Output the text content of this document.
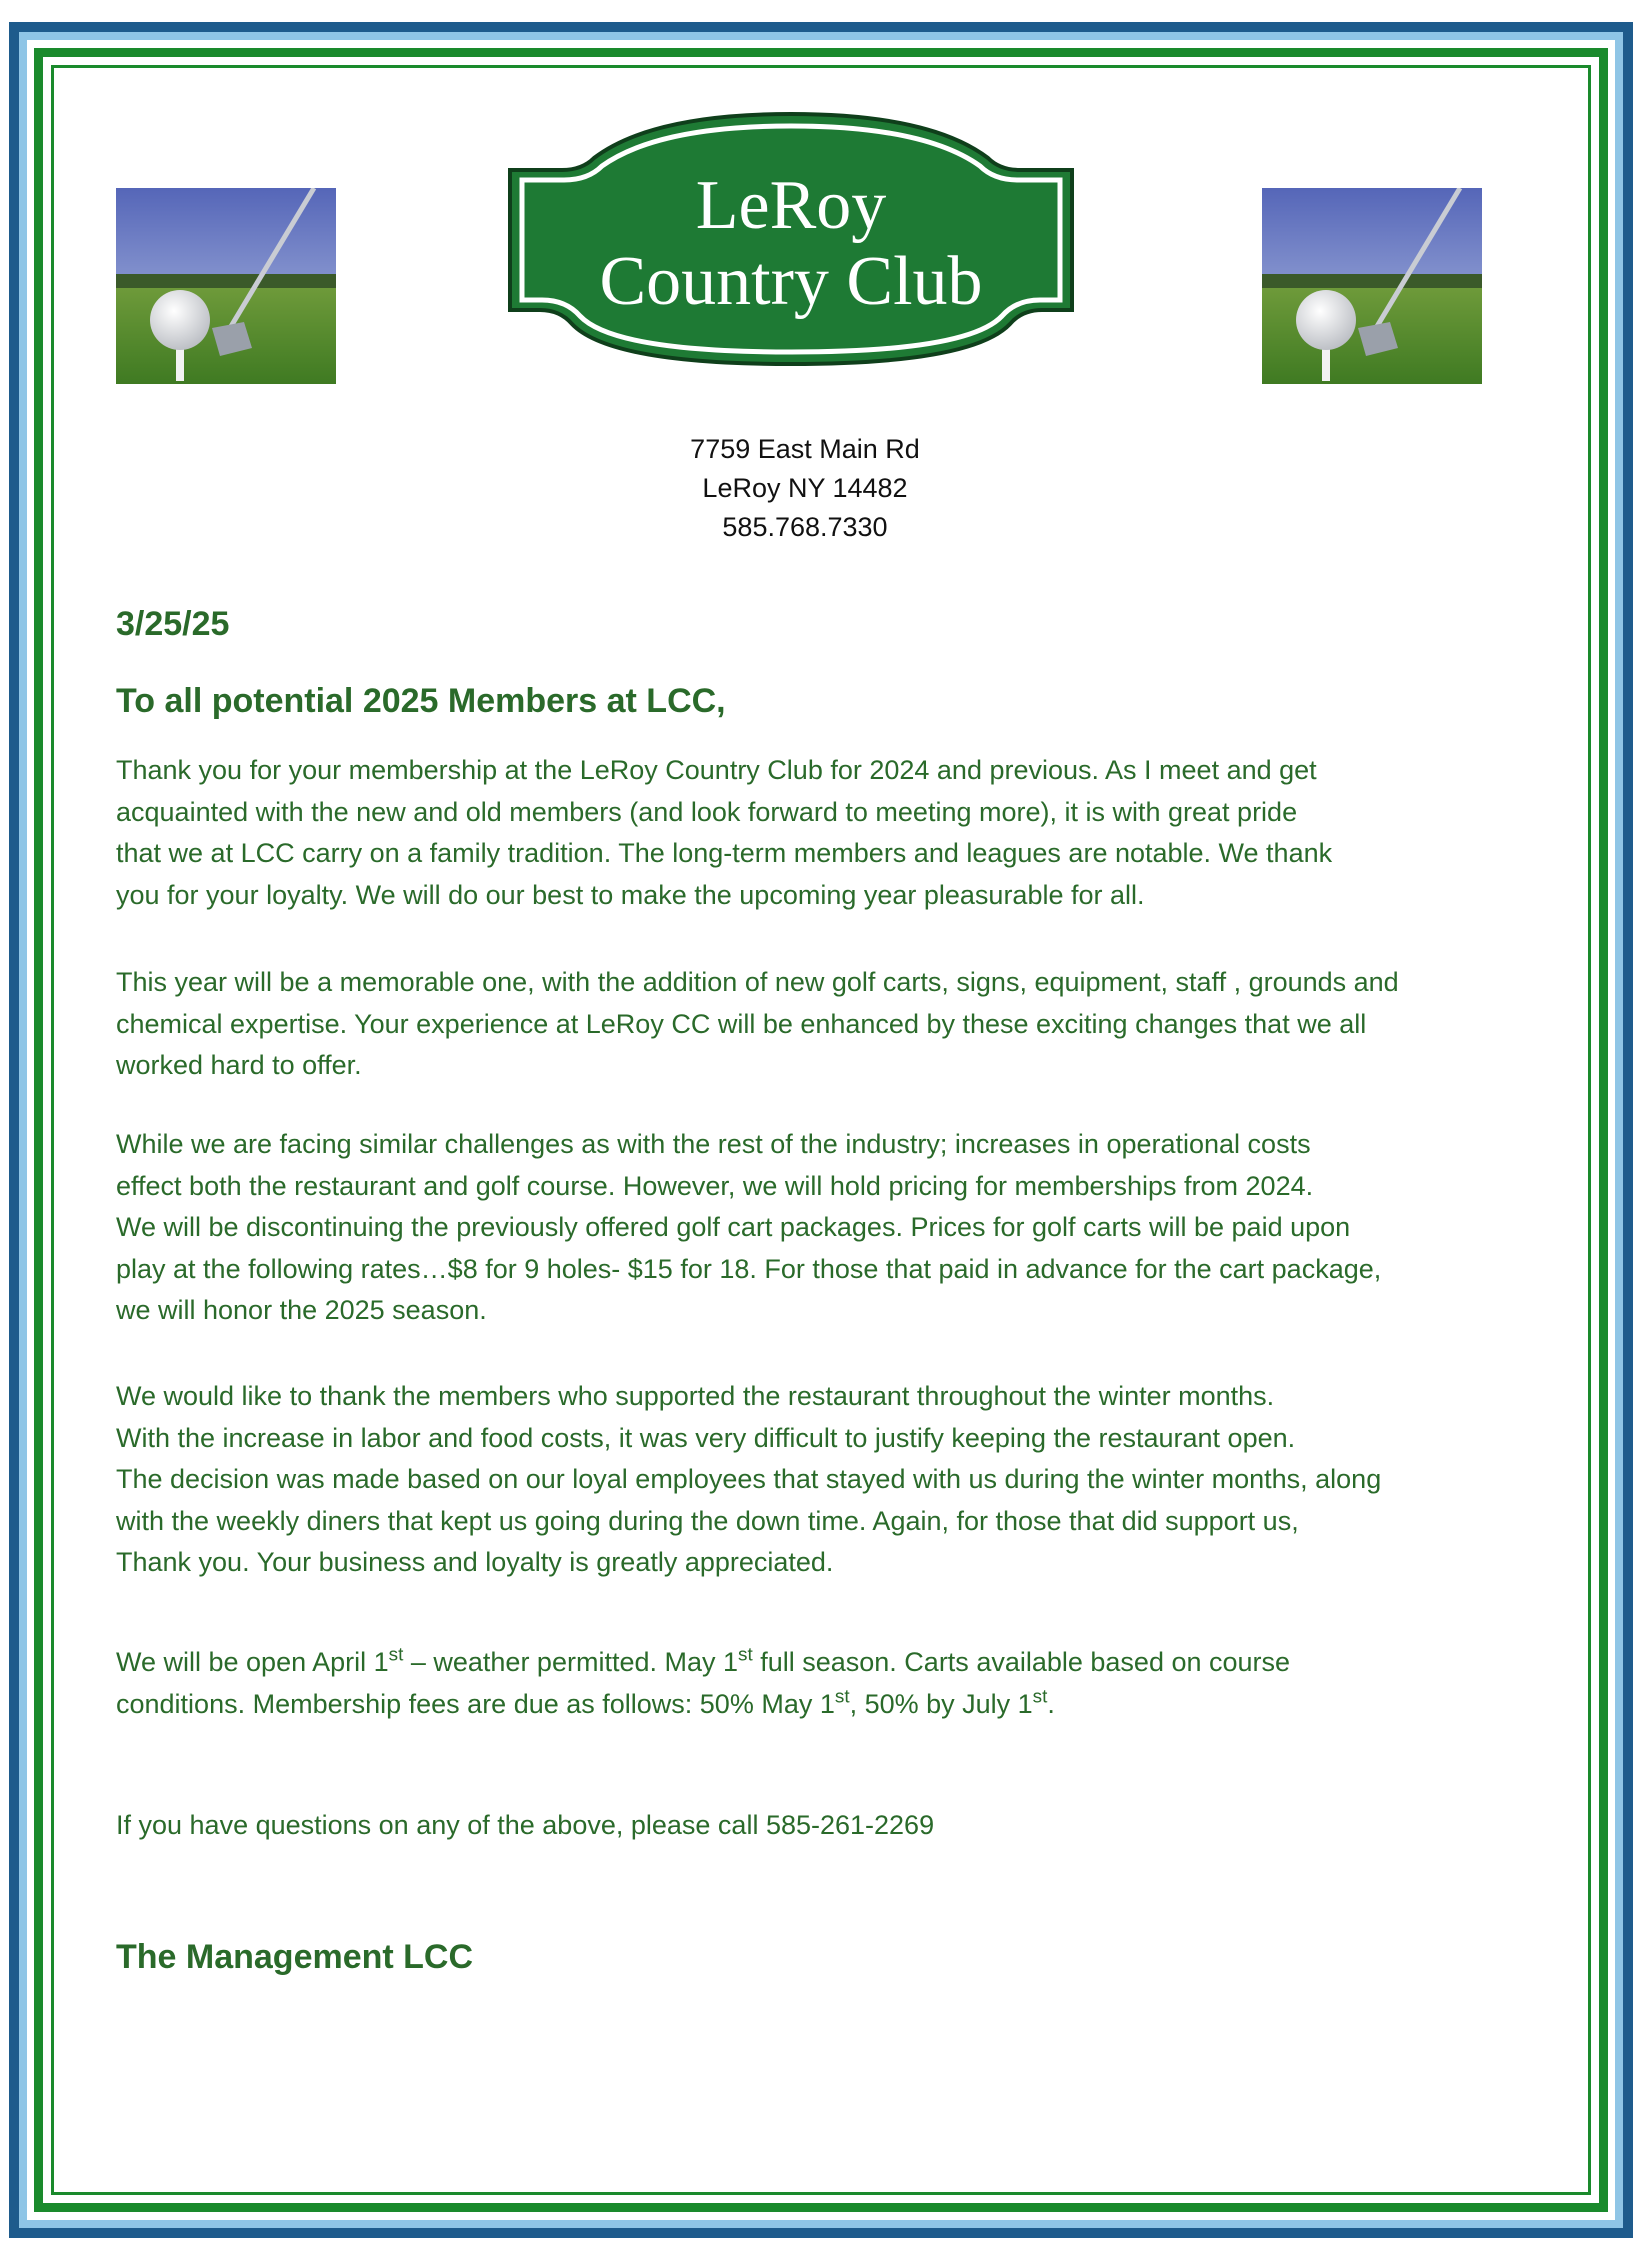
LeRoy
Country Club
7759 East Main Rd
LeRoy NY 14482
585.768.7330
3/25/25
To all potential 2025 Members at LCC,
Thank you for your membership at the LeRoy Country Club for 2024 and previous. As I meet and get
acquainted with the new and old members (and look forward to meeting more), it is with great pride
that we at LCC carry on a family tradition. The long-term members and leagues are notable. We thank
you for your loyalty. We will do our best to make the upcoming year pleasurable for all.
This year will be a memorable one, with the addition of new golf carts, signs, equipment, staff , grounds and
chemical expertise. Your experience at LeRoy CC will be enhanced by these exciting changes that we all
worked hard to offer.
While we are facing similar challenges as with the rest of the industry; increases in operational costs
effect both the restaurant and golf course. However, we will hold pricing for memberships from 2024.
We will be discontinuing the previously offered golf cart packages. Prices for golf carts will be paid upon
play at the following rates…$8 for 9 holes- $15 for 18. For those that paid in advance for the cart package,
we will honor the 2025 season.
We would like to thank the members who supported the restaurant throughout the winter months.
With the increase in labor and food costs, it was very difficult to justify keeping the restaurant open.
The decision was made based on our loyal employees that stayed with us during the winter months, along
with the weekly diners that kept us going during the down time. Again, for those that did support us,
Thank you. Your business and loyalty is greatly appreciated.
We will be open April 1st – weather permitted. May 1st full season. Carts available based on course
conditions. Membership fees are due as follows: 50% May 1st, 50% by July 1st.
If you have questions on any of the above, please call 585-261-2269
The Management LCC
